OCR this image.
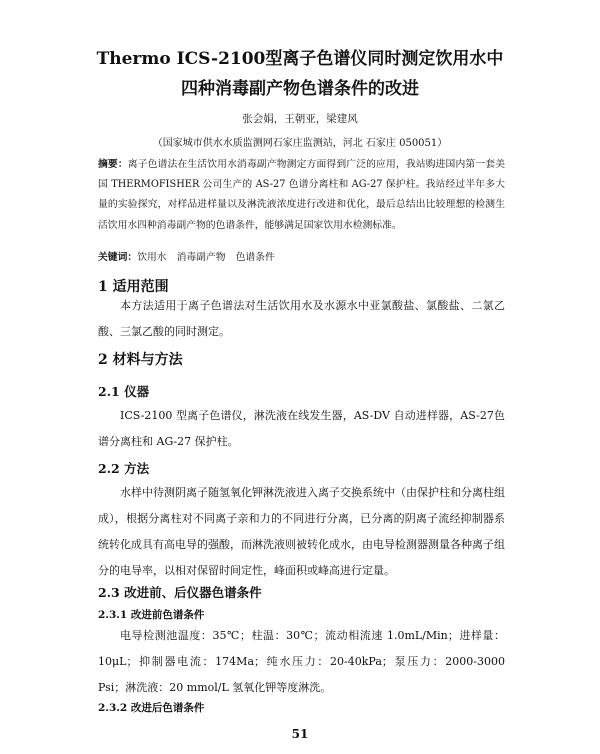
Thermo ICS-2100型离子色谱仪同时测定饮用水中四种消毒副产物色谱条件的改进
张会娟，王朝亚，梁建风
（国家城市供水水质监测网石家庄监测站，河北 石家庄 050051）
摘要：离子色谱法在生活饮用水消毒副产物测定方面得到广泛的应用，我站购进国内第一套美国 THERMOFISHER 公司生产的 AS-27 色谱分离柱和 AG-27 保护柱。我站经过半年多大量的实验探究，对样品进样量以及淋洗液浓度进行改进和优化，最后总结出比较理想的检测生活饮用水四种消毒副产物的色谱条件，能够满足国家饮用水检测标准。
关键词：饮用水 消毒副产物 色谱条件
1 适用范围
本方法适用于离子色谱法对生活饮用水及水源水中亚氯酸盐、氯酸盐、二氯乙酸、三氯乙酸的同时测定。
2 材料与方法
2.1 仪器
ICS-2100 型离子色谱仪，淋洗液在线发生器，AS-DV 自动进样器，AS-27色谱分离柱和 AG-27 保护柱。
2.2 方法
水样中待测阴离子随氢氧化钾淋洗液进入离子交换系统中（由保护柱和分离柱组成），根据分离柱对不同离子亲和力的不同进行分离，已分离的阴离子流经抑制器系统转化成具有高电导的强酸，而淋洗液则被转化成水，由电导检测器测量各种离子组分的电导率，以相对保留时间定性，峰面积或峰高进行定量。
2.3 改进前、后仪器色谱条件
2.3.1 改进前色谱条件
电导检测池温度：35℃；柱温：30℃；流动相流速 1.0mL/Min；进样量：10μL；抑制器电流：174Ma；纯水压力：20-40kPa；泵压力：2000-3000 Psi；淋洗液：20 mmol/L 氢氧化钾等度淋洗。
2.3.2 改进后色谱条件
51
